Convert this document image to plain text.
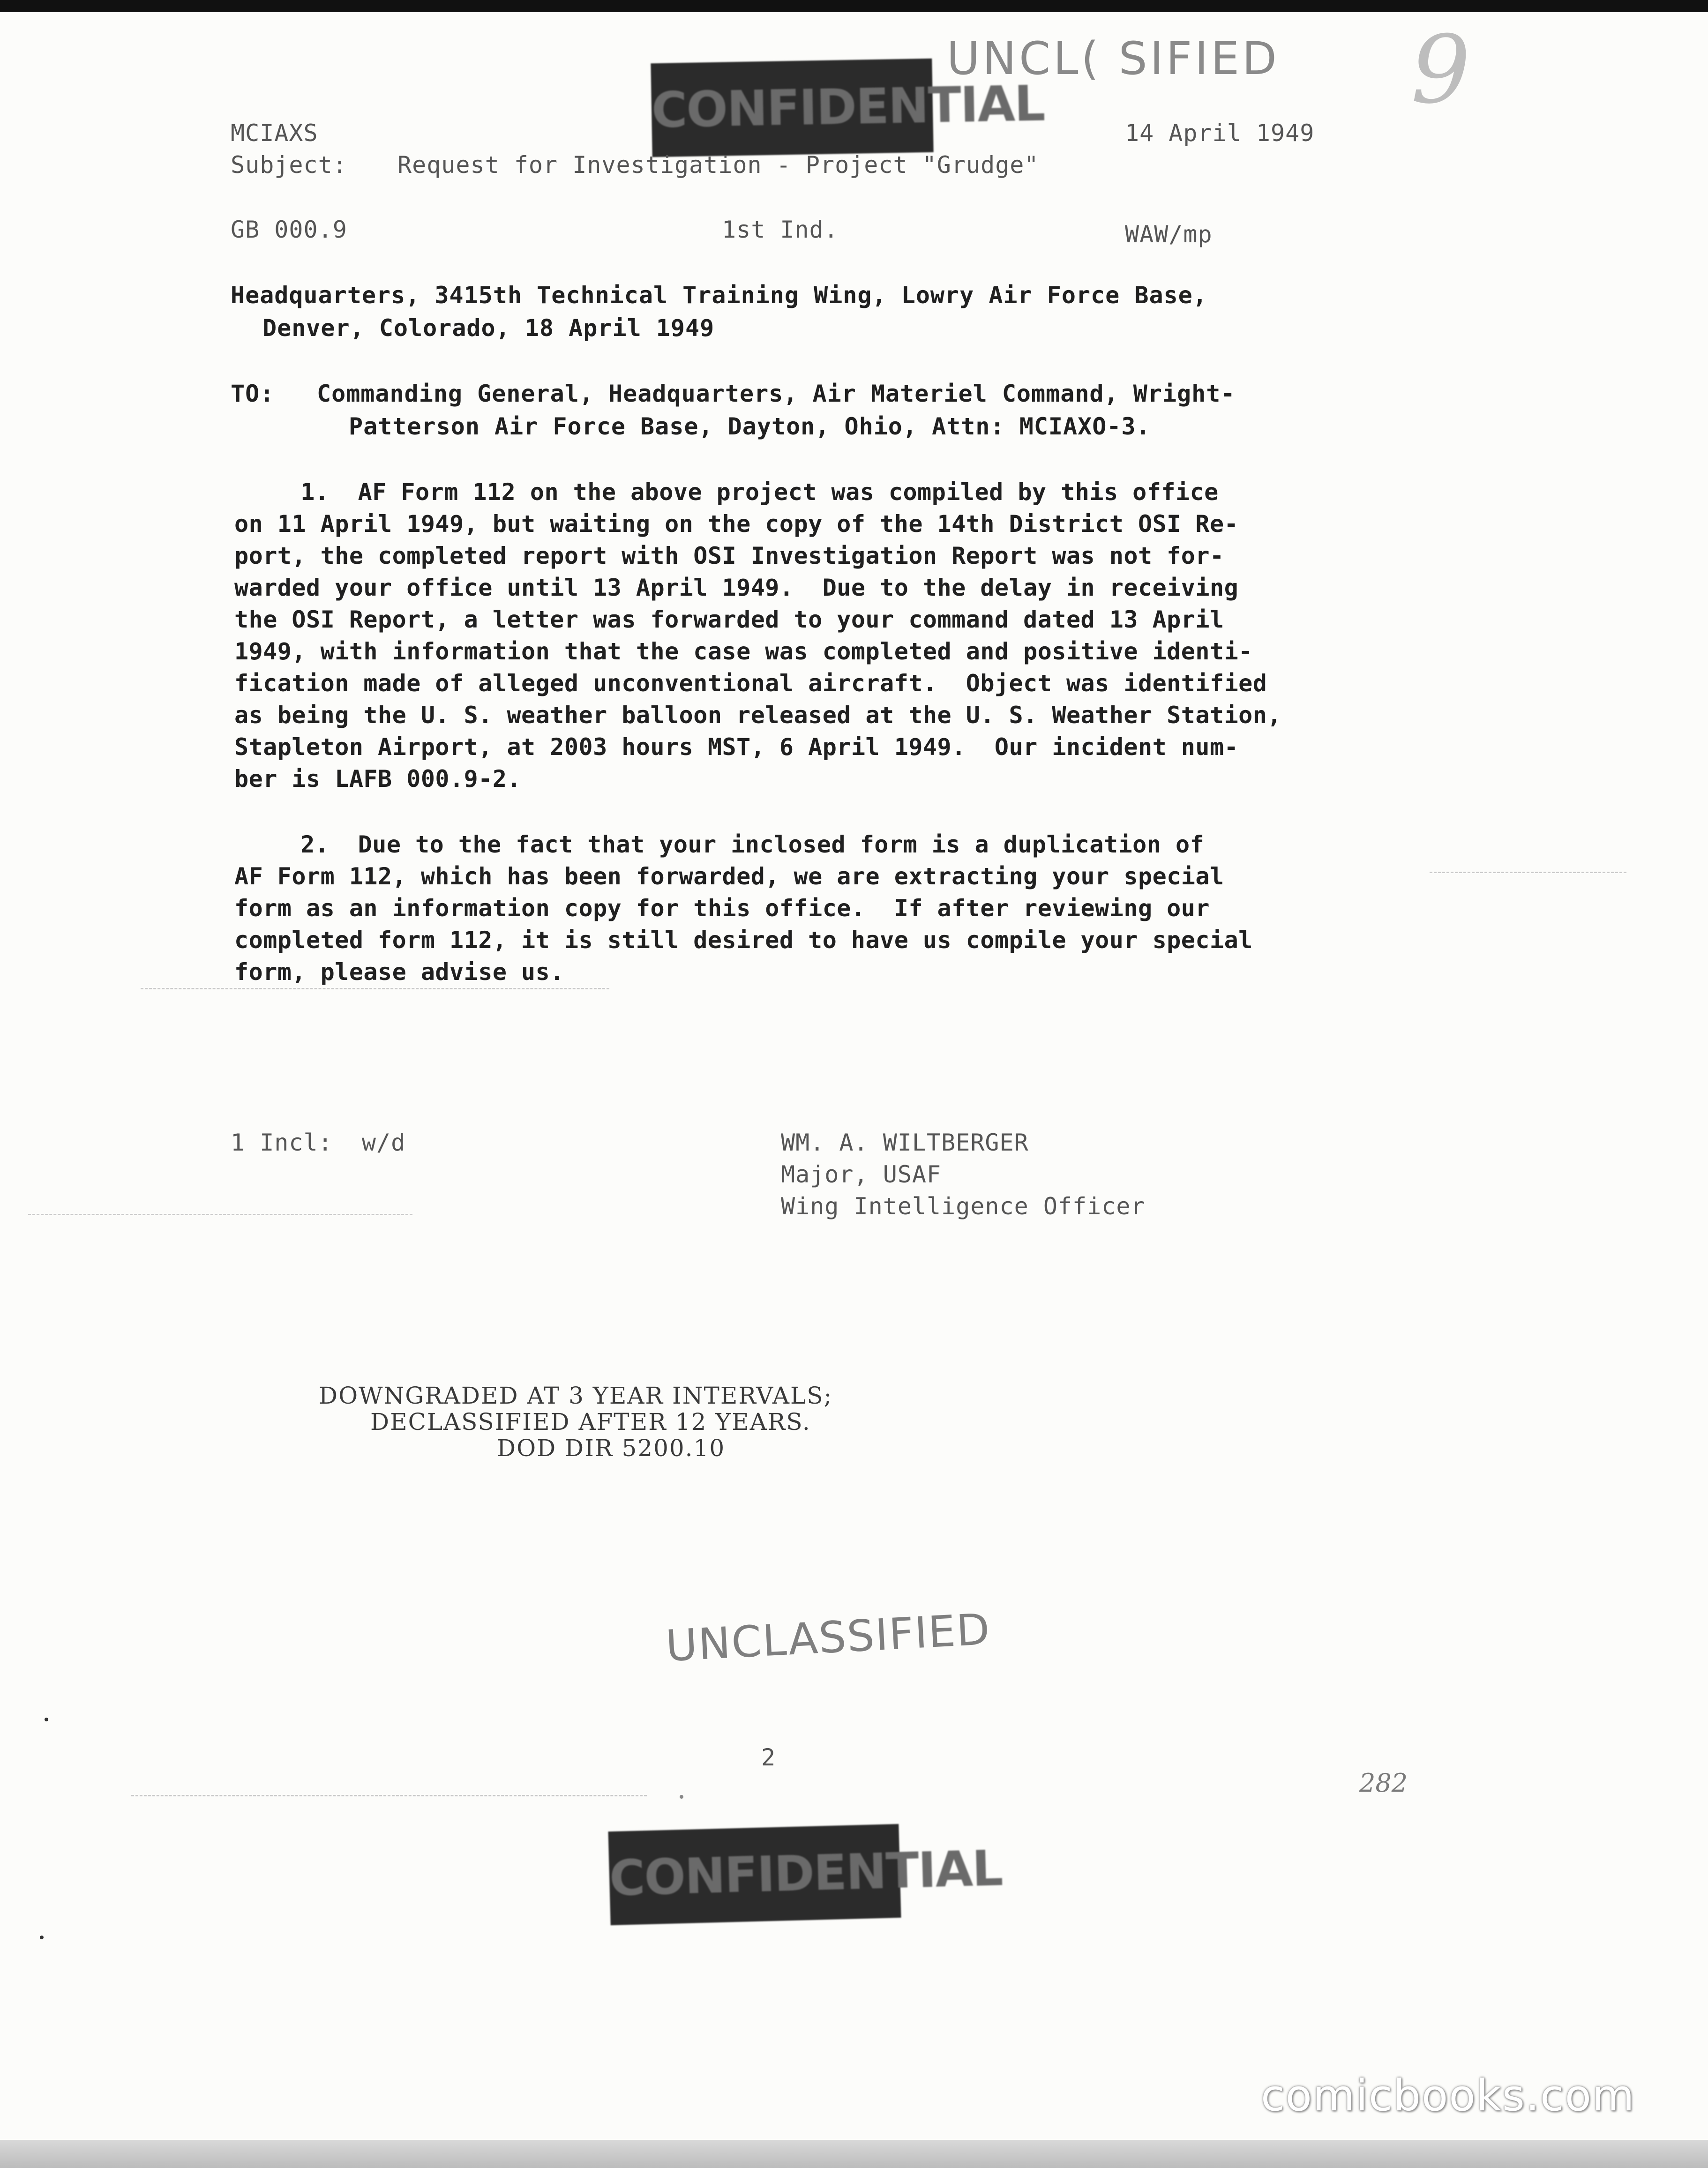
CONFIDENTIAL
UNCL( SIFIED 9
MCIAXS	14 April 1949
Subject: Request for Investigation - Project "Grudge"
GB 000.9	1st Ind.	WAW/mp
Headquarters, 3415th Technical Training Wing, Lowry Air Force Base,
Denver, Colorado, 18 April 1949
TO: Commanding General, Headquarters, Air Materiel Command, Wright-
Patterson Air Force Base, Dayton, Ohio, Attn: MCIAXO-3.
1.  AF Form 112 on the above project was compiled by this office
on 11 April 1949, but waiting on the copy of the 14th District OSI Re-
port, the completed report with OSI Investigation Report was not for-
warded your office until 13 April 1949.  Due to the delay in receiving
the OSI Report, a letter was forwarded to your command dated 13 April
1949, with information that the case was completed and positive identi-
fication made of alleged unconventional aircraft.  Object was identified
as being the U. S. weather balloon released at the U. S. Weather Station,
Stapleton Airport, at 2003 hours MST, 6 April 1949.  Our incident num-
ber is LAFB 000.9-2.
2.  Due to the fact that your inclosed form is a duplication of
AF Form 112, which has been forwarded, we are extracting your special
form as an information copy for this office.  If after reviewing our
completed form 112, it is still desired to have us compile your special
form, please advise us.
1 Incl:  w/d	WM. A. WILTBERGER
Major, USAF
Wing Intelligence Officer
DOWNGRADED AT 3 YEAR INTERVALS;
DECLASSIFIED AFTER 12 YEARS.
DOD DIR 5200.10
UNCLASSIFIED
2
282
CONFIDENTIAL
comicbooks.com
